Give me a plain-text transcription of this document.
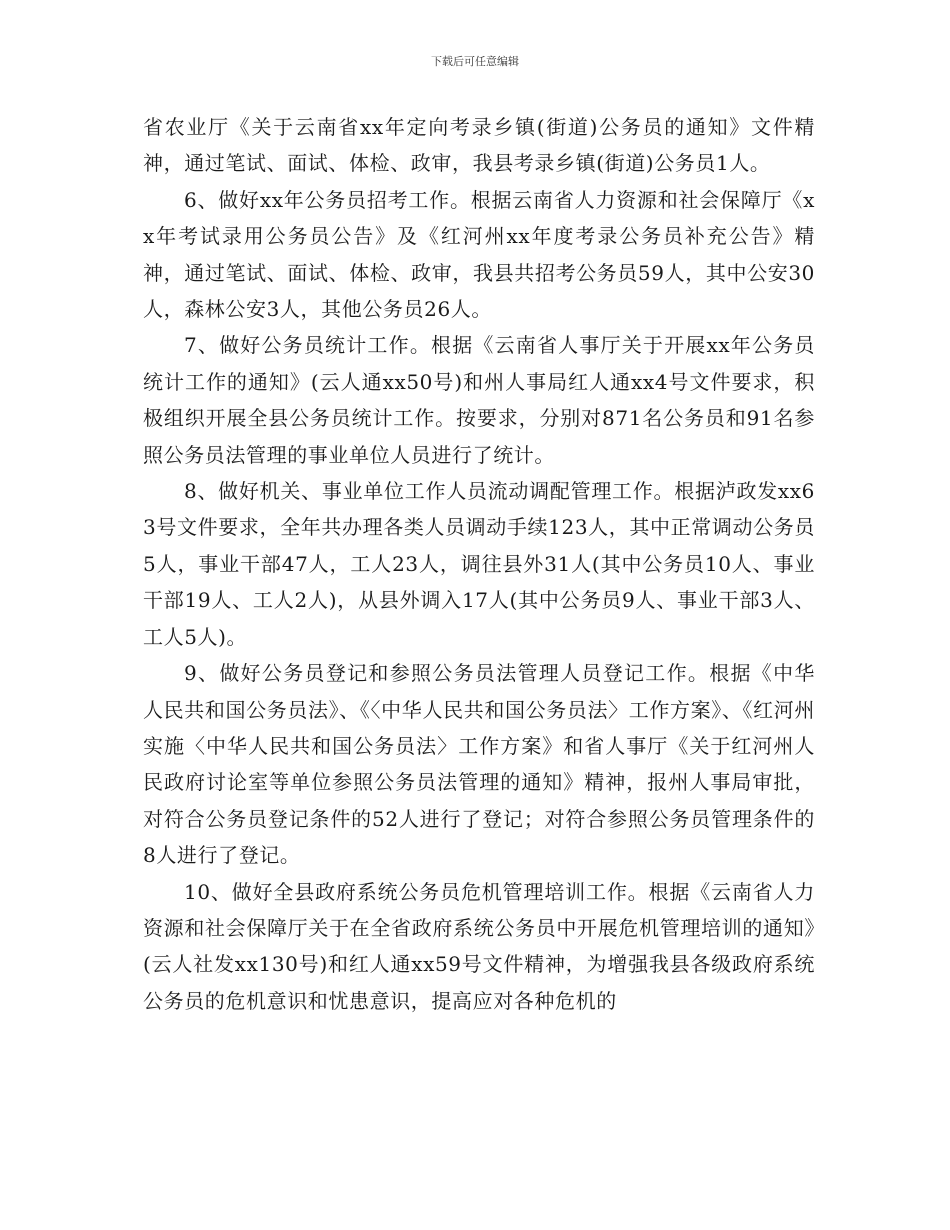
下载后可任意编辑

省农业厅《关于云南省xx年定向考录乡镇(街道)公务员的通知》文件精神，通过笔试、面试、体检、政审，我县考录乡镇(街道)公务员1人。

6、做好xx年公务员招考工作。根据云南省人力资源和社会保障厅《xx年考试录用公务员公告》及《红河州xx年度考录公务员补充公告》精神，通过笔试、面试、体检、政审，我县共招考公务员59人，其中公安30人，森林公安3人，其他公务员26人。

7、做好公务员统计工作。根据《云南省人事厅关于开展xx年公务员统计工作的通知》(云人通xx50号)和州人事局红人通xx4号文件要求，积极组织开展全县公务员统计工作。按要求，分别对871名公务员和91名参照公务员法管理的事业单位人员进行了统计。

8、做好机关、事业单位工作人员流动调配管理工作。根据泸政发xx63号文件要求，全年共办理各类人员调动手续123人，其中正常调动公务员5人，事业干部47人，工人23人，调往县外31人(其中公务员10人、事业干部19人、工人2人)，从县外调入17人(其中公务员9人、事业干部3人、工人5人)。

9、做好公务员登记和参照公务员法管理人员登记工作。根据《中华人民共和国公务员法》、《〈中华人民共和国公务员法〉工作方案》、《红河州实施〈中华人民共和国公务员法〉工作方案》和省人事厅《关于红河州人民政府讨论室等单位参照公务员法管理的通知》精神，报州人事局审批，对符合公务员登记条件的52人进行了登记；对符合参照公务员管理条件的8人进行了登记。

10、做好全县政府系统公务员危机管理培训工作。根据《云南省人力资源和社会保障厅关于在全省政府系统公务员中开展危机管理培训的通知》(云人社发xx130号)和红人通xx59号文件精神，为增强我县各级政府系统公务员的危机意识和忧患意识，提高应对各种危机的
